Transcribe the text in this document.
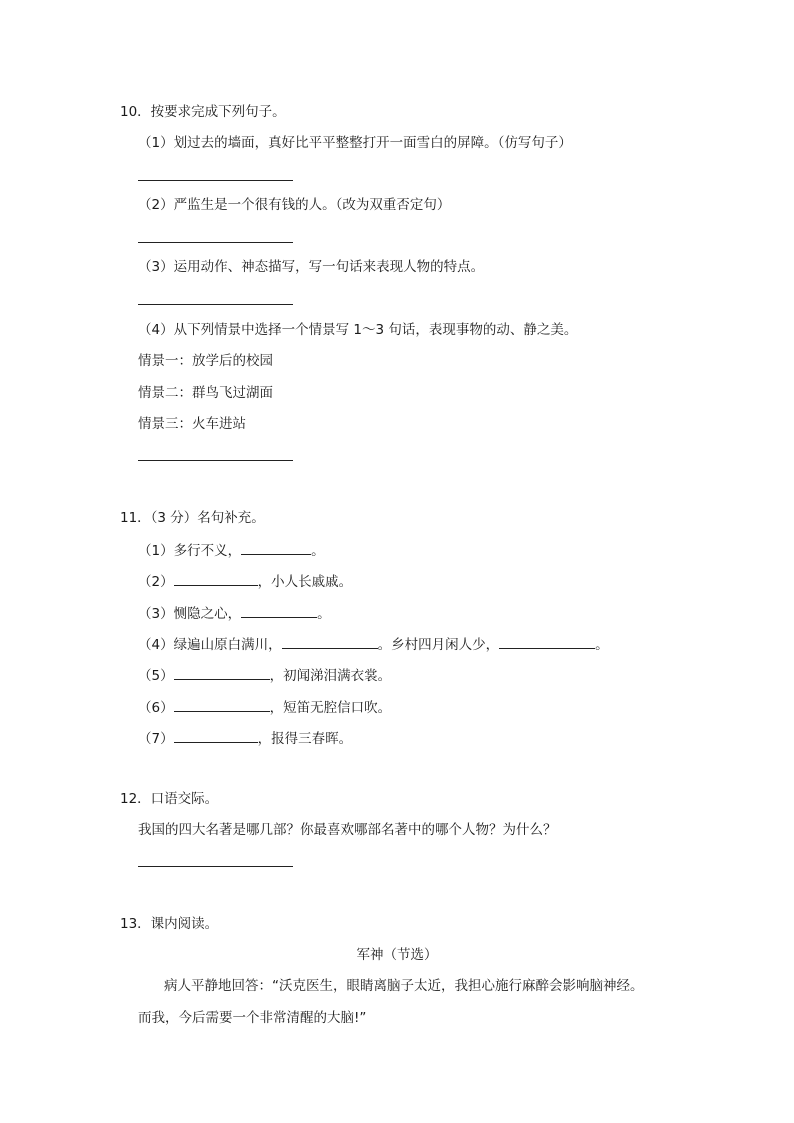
10．按要求完成下列句子。
（1）划过去的墙面，真好比平平整整打开一面雪白的屏障。（仿写句子）
（2）严监生是一个很有钱的人。（改为双重否定句）
（3）运用动作、神态描写，写一句话来表现人物的特点。
（4）从下列情景中选择一个情景写 1～3 句话，表现事物的动、静之美。
情景一：放学后的校园
情景二：群鸟飞过湖面
情景三：火车进站
11．（3 分）名句补充。
（1）多行不义，	。
（2）	，小人长戚戚。
（3）恻隐之心，	。
（4）绿遍山原白满川，	。乡村四月闲人少，	。
（5）	，初闻涕泪满衣裳。
（6）	，短笛无腔信口吹。
（7）	，报得三春晖。
12．口语交际。
我国的四大名著是哪几部？你最喜欢哪部名著中的哪个人物？为什么？
13．课内阅读。
军神（节选）
病人平静地回答：“沃克医生，眼睛离脑子太近，我担心施行麻醉会影响脑神经。
而我，今后需要一个非常清醒的大脑!”
